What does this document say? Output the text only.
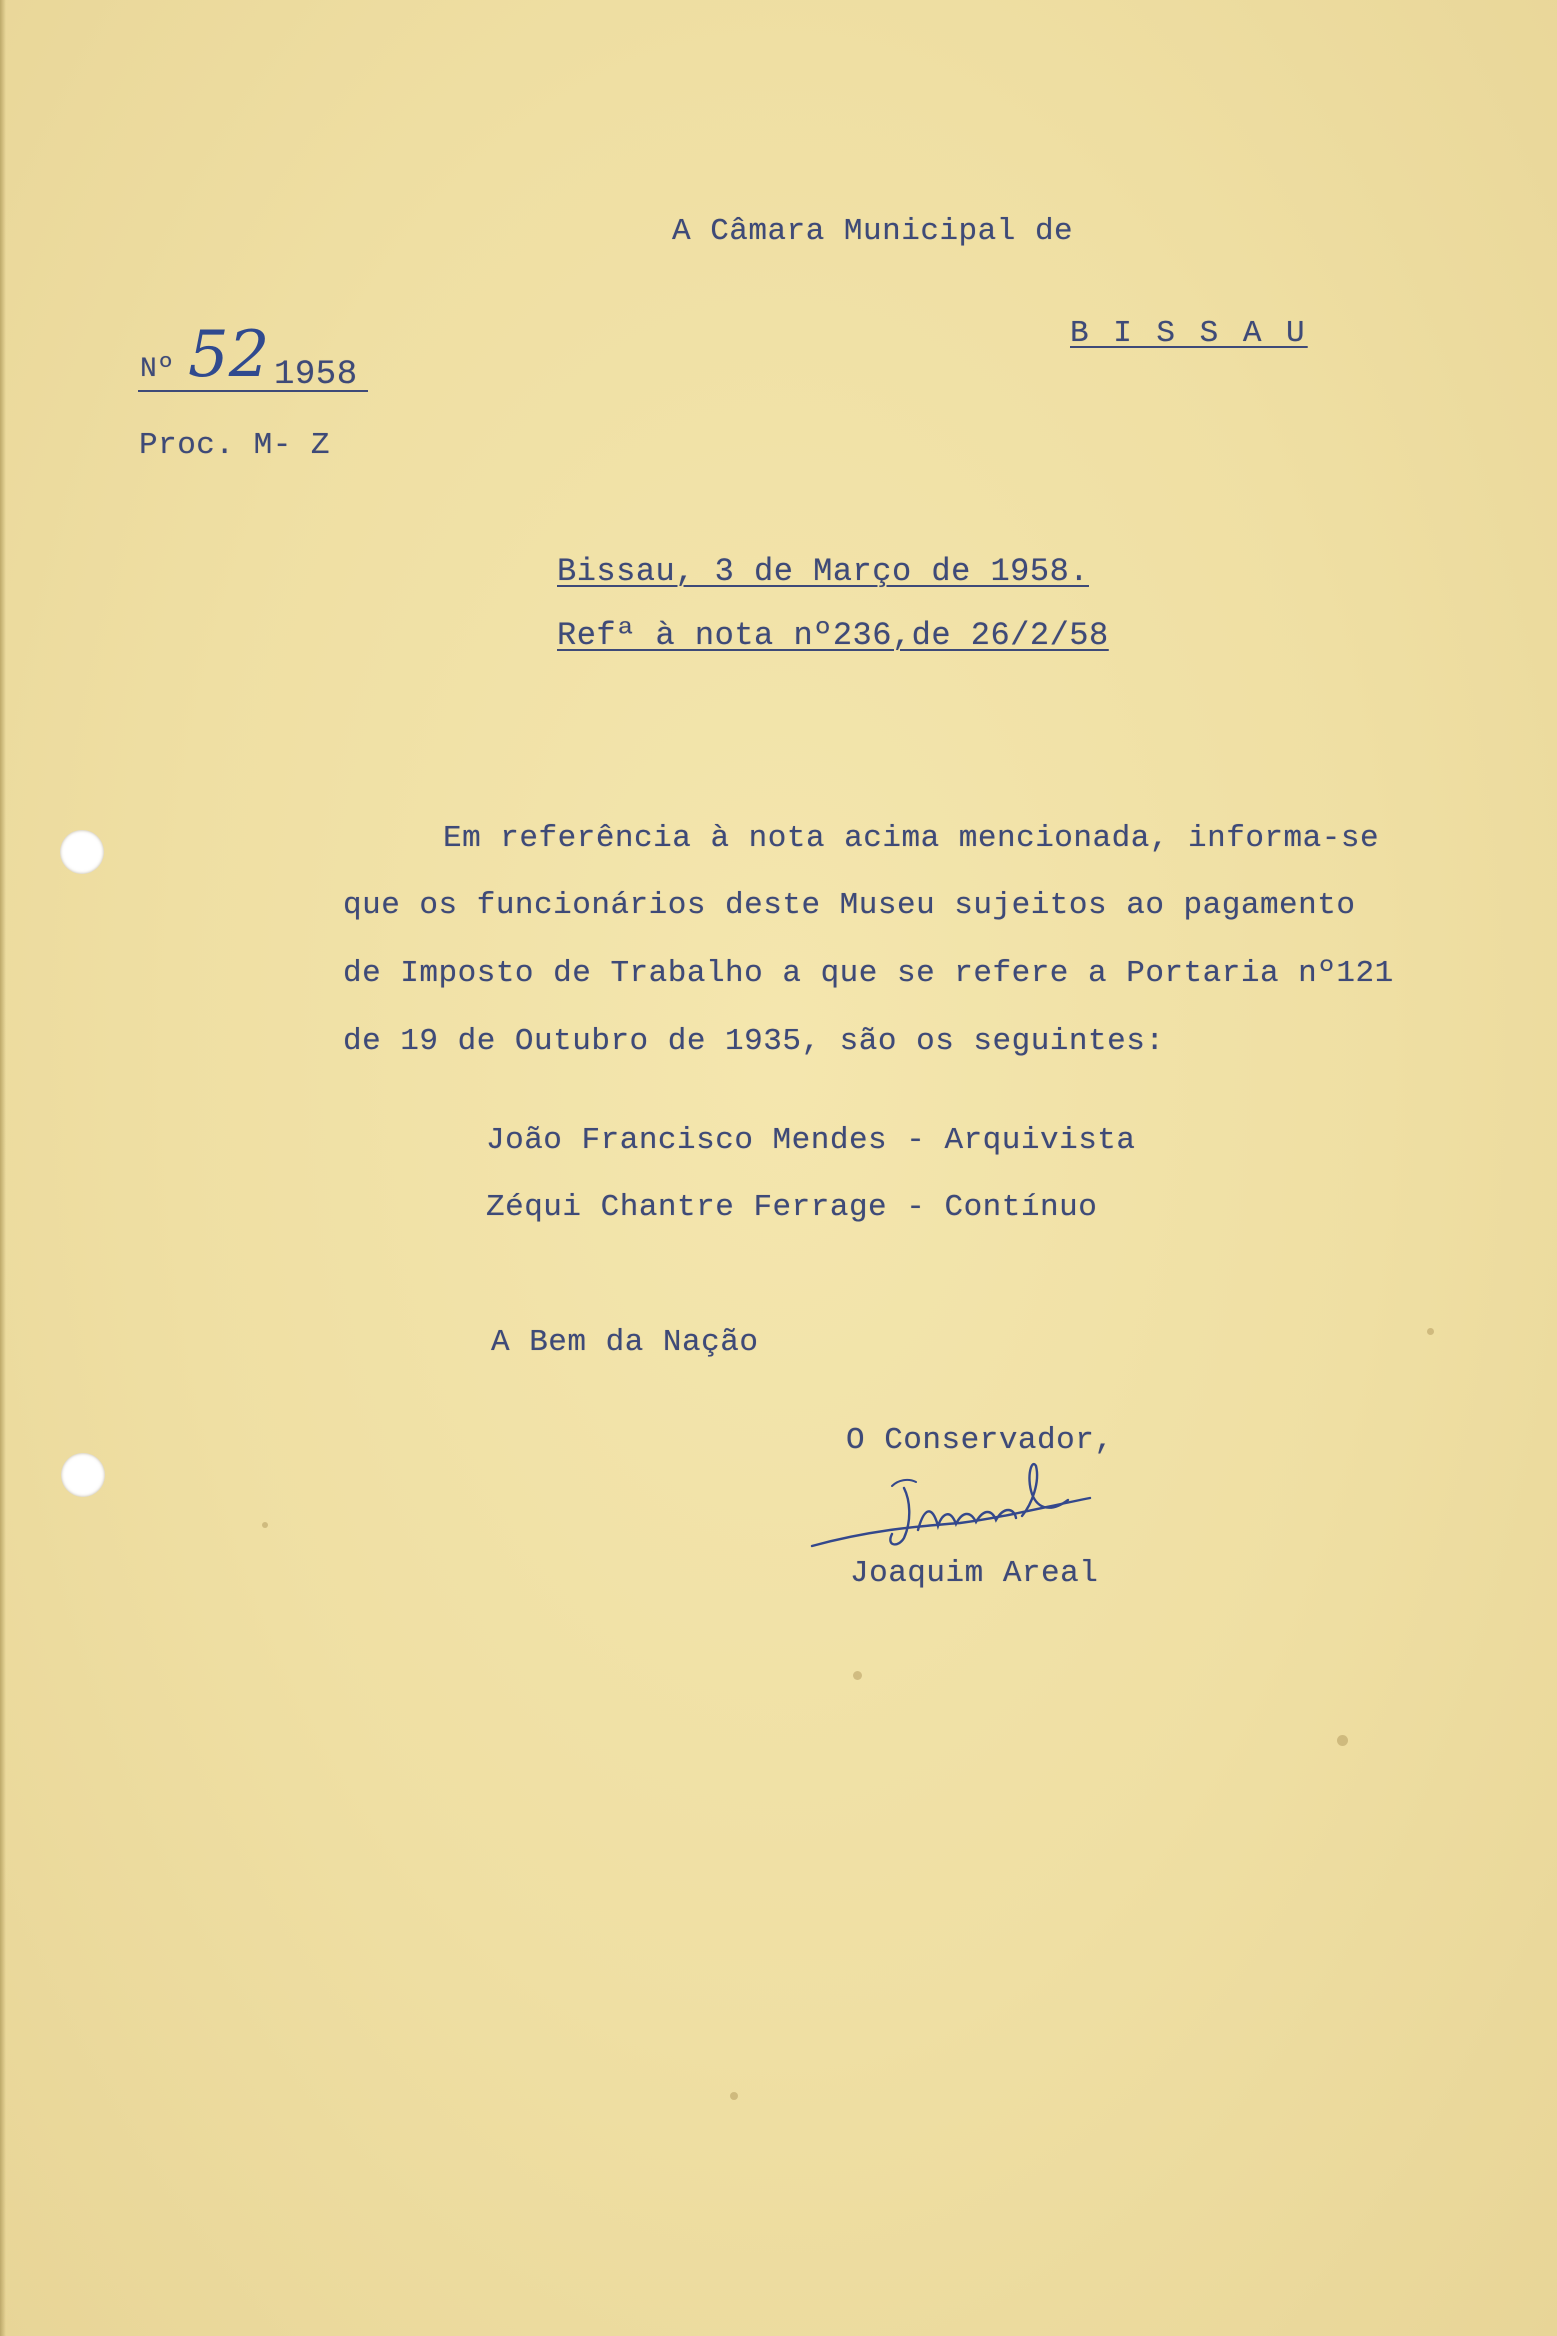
A Câmara Municipal de
B I S S A U
Nº 52 1958
Proc. M- Z
Bissau, 3 de Março de 1958.
Refª à nota nº236,de 26/2/58
Em referência à nota acima mencionada, informa-se
que os funcionários deste Museu sujeitos ao pagamento
de Imposto de Trabalho a que se refere a Portaria nº121
de 19 de Outubro de 1935, são os seguintes:
João Francisco Mendes - Arquivista
Zéqui Chantre Ferrage - Contínuo
A Bem da Nação
O Conservador,
Joaquim Areal
